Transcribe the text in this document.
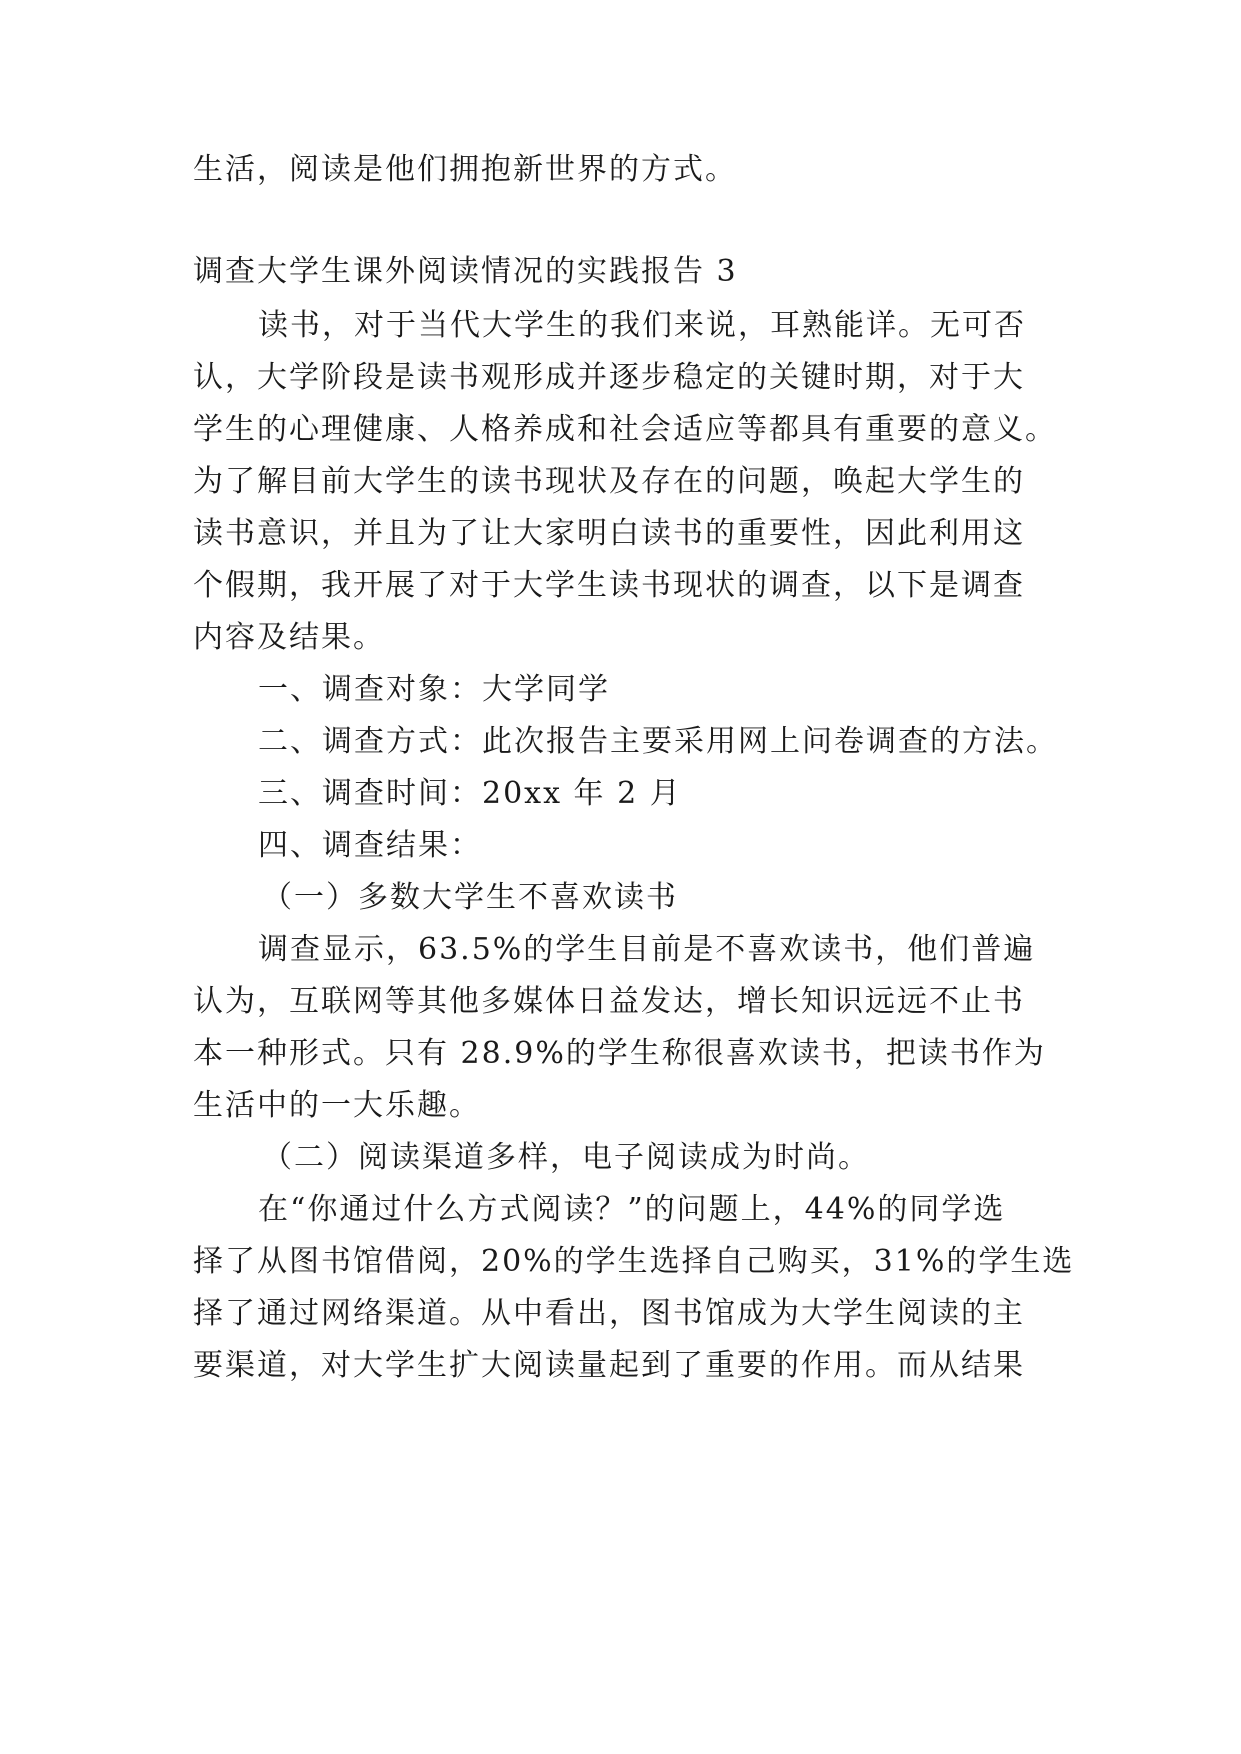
生活，阅读是他们拥抱新世界的方式。
调查大学生课外阅读情况的实践报告 3
读书，对于当代大学生的我们来说，耳熟能详。无可否
认，大学阶段是读书观形成并逐步稳定的关键时期，对于大
学生的心理健康、人格养成和社会适应等都具有重要的意义。
为了解目前大学生的读书现状及存在的问题，唤起大学生的
读书意识，并且为了让大家明白读书的重要性，因此利用这
个假期，我开展了对于大学生读书现状的调查，以下是调查
内容及结果。
一、调查对象：大学同学
二、调查方式：此次报告主要采用网上问卷调查的方法。
三、调查时间：20xx 年 2 月
四、调查结果：
（一）多数大学生不喜欢读书
调查显示，63.5%的学生目前是不喜欢读书，他们普遍
认为，互联网等其他多媒体日益发达，增长知识远远不止书
本一种形式。只有 28.9%的学生称很喜欢读书，把读书作为
生活中的一大乐趣。
（二）阅读渠道多样，电子阅读成为时尚。
在“你通过什么方式阅读？”的问题上，44%的同学选
择了从图书馆借阅，20%的学生选择自己购买，31%的学生选
择了通过网络渠道。从中看出，图书馆成为大学生阅读的主
要渠道，对大学生扩大阅读量起到了重要的作用。而从结果
